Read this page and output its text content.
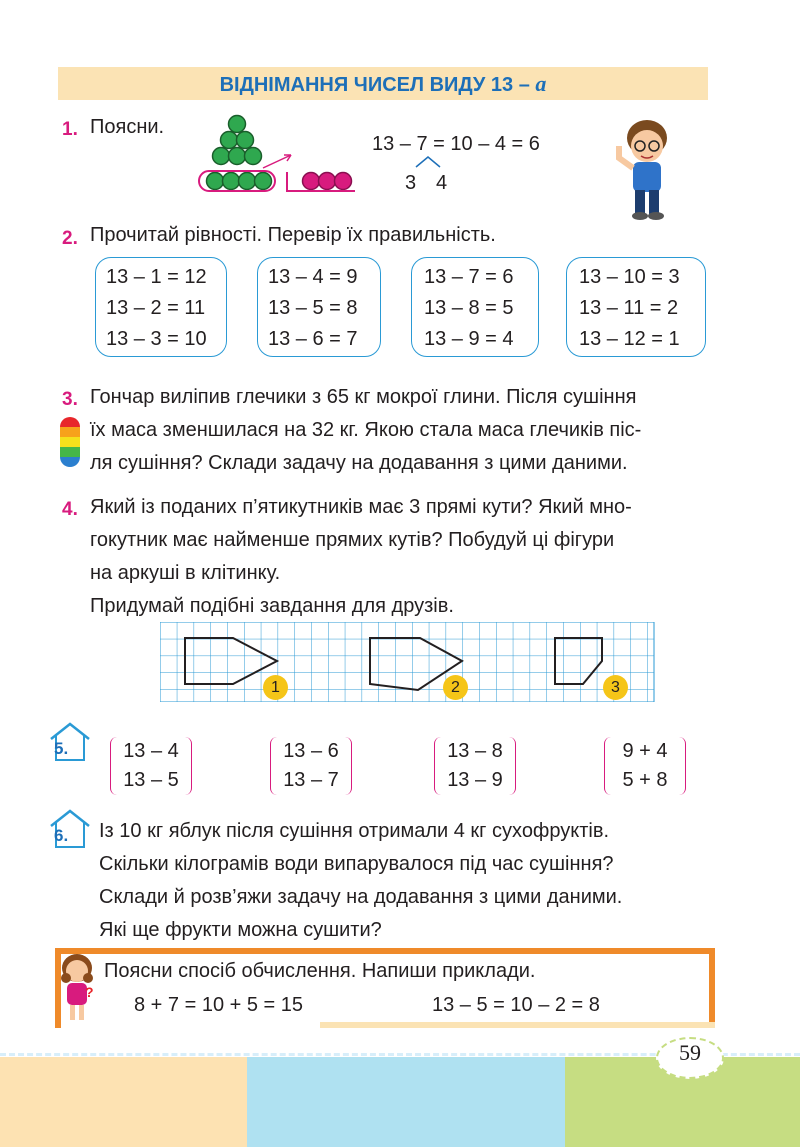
ВІДНІМАННЯ ЧИСЕЛ ВИДУ 13 – a
1. Поясни.
13 – 7 = 10 – 4 = 6
3 4
2. Прочитай рівності. Перевір їх правильність.
13 – 1 = 12
13 – 2 = 11
13 – 3 = 10
13 – 4 = 9
13 – 5 = 8
13 – 6 = 7
13 – 7 = 6
13 – 8 = 5
13 – 9 = 4
13 – 10 = 3
13 – 11 = 2
13 – 12 = 1
3. Гончар виліпив глечики з 65 кг мокрої глини. Після сушіння
їх маса зменшилася на 32 кг. Якою стала маса глечиків піс-
ля сушіння? Склади задачу на додавання з цими даними.
4. Який із поданих п’ятикутників має 3 прямі кути? Який мно-
гокутник має найменше прямих кутів? Побудуй ці фігури
на аркуші в клітинку.
Придумай подібні завдання для друзів.
1	2	3
5.	13 – 4
13 – 5
13 – 6
13 – 7
13 – 8
13 – 9
9 + 4
5 + 8
6. Із 10 кг яблук після сушіння отримали 4 кг сухофруктів.
Скільки кілограмів води випарувалося під час сушіння?
Склади й розв’яжи задачу на додавання з цими даними.
Які ще фрукти можна сушити?
?
Поясни спосіб обчислення. Напиши приклади.
8 + 7 = 10 + 5 = 15	13 – 5 = 10 – 2 = 8
59
